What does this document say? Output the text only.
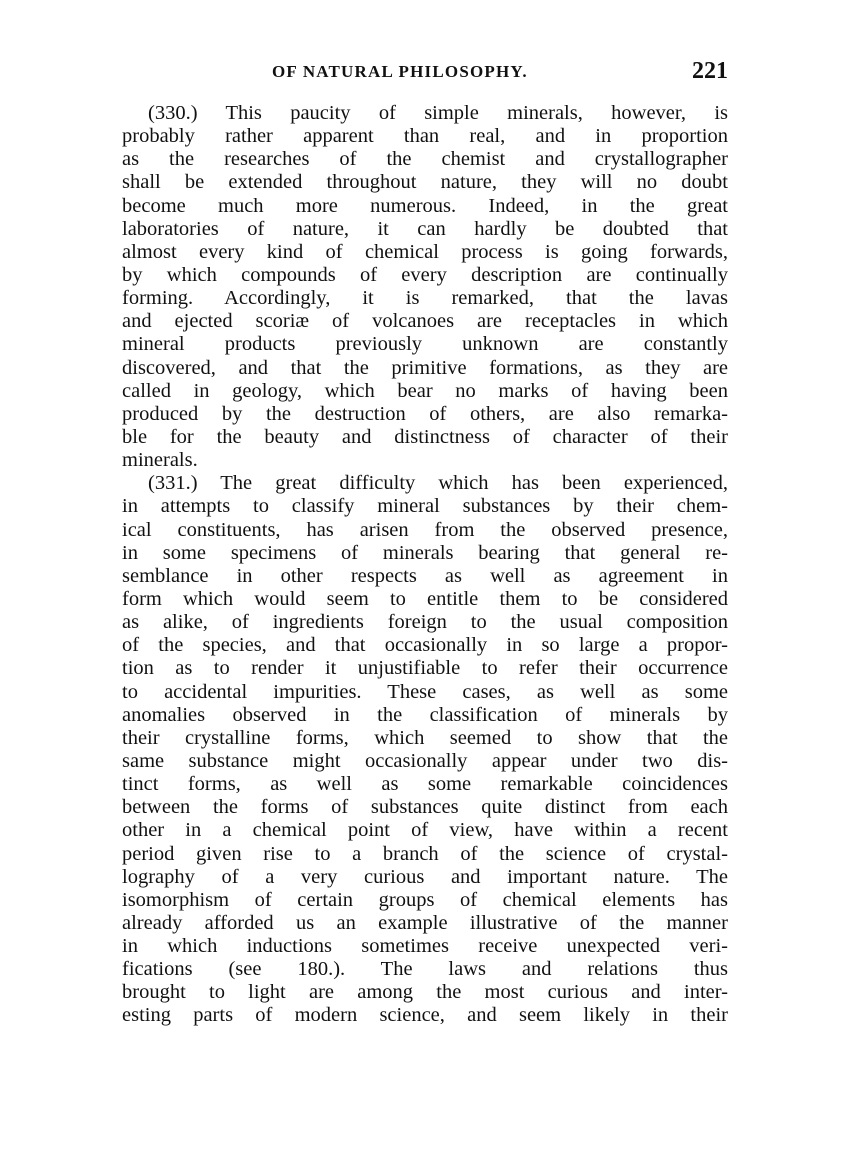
OF NATURAL PHILOSOPHY.	221
(330.) This paucity of simple minerals, however, is
probably rather apparent than real, and in proportion
as the researches of the chemist and crystallographer
shall be extended throughout nature, they will no doubt
become much more numerous. Indeed, in the great
laboratories of nature, it can hardly be doubted that
almost every kind of chemical process is going forwards,
by which compounds of every description are continually
forming. Accordingly, it is remarked, that the lavas
and ejected scoriæ of volcanoes are receptacles in which
mineral products previously unknown are constantly
discovered, and that the primitive formations, as they are
called in geology, which bear no marks of having been
produced by the destruction of others, are also remarka-
ble for the beauty and distinctness of character of their
minerals.
(331.) The great difficulty which has been experienced,
in attempts to classify mineral substances by their chem-
ical constituents, has arisen from the observed presence,
in some specimens of minerals bearing that general re-
semblance in other respects as well as agreement in
form which would seem to entitle them to be considered
as alike, of ingredients foreign to the usual composition
of the species, and that occasionally in so large a propor-
tion as to render it unjustifiable to refer their occurrence
to accidental impurities. These cases, as well as some
anomalies observed in the classification of minerals by
their crystalline forms, which seemed to show that the
same substance might occasionally appear under two dis-
tinct forms, as well as some remarkable coincidences
between the forms of substances quite distinct from each
other in a chemical point of view, have within a recent
period given rise to a branch of the science of crystal-
lography of a very curious and important nature. The
isomorphism of certain groups of chemical elements has
already afforded us an example illustrative of the manner
in which inductions sometimes receive unexpected veri-
fications (see 180.). The laws and relations thus
brought to light are among the most curious and inter-
esting parts of modern science, and seem likely in their
